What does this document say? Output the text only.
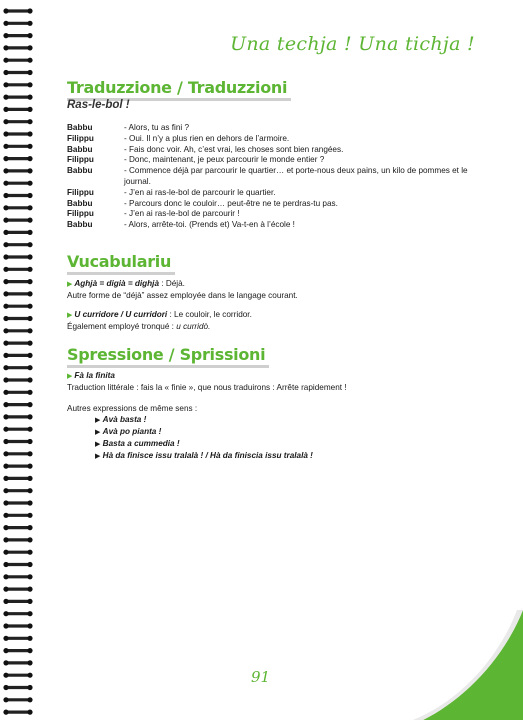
Una techja ! Una tichja !
Traduzzione / Traduzzioni
Ras-le-bol !
Babbu	- Alors, tu as fini ?
Filippu	- Oui. Il n’y a plus rien en dehors de l’armoire.
Babbu	- Fais donc voir. Ah, c’est vrai, les choses sont bien rangées.
Filippu	- Donc, maintenant, je peux parcourir le monde entier ?
Babbu	- Commence déjà par parcourir le quartier… et porte-nous deux pains, un kilo de pommes et le journal.
Filippu	- J’en ai ras-le-bol de parcourir le quartier.
Babbu	- Parcours donc le couloir… peut-être ne te perdras-tu pas.
Filippu	- J’en ai ras-le-bol de parcourir !
Babbu	- Alors, arrête-toi. (Prends et) Va-t-en à l’école !
Vucabulariu
▶ Aghjà = digià = dighjà : Déjà.
Autre forme de “déjà” assez employée dans le langage courant.
▶ U curridore / U curridori : Le couloir, le corridor.
Également employé tronqué : u curridò.
Spressione / Sprissioni
▶ Fà la finita
Traduction littérale : fais la « finie », que nous traduirons : Arrête rapidement !
Autres expressions de même sens :
▶ Avà basta !
▶ Avà po pianta !
▶ Basta a cummedia !
▶ Hà da finisce issu tralalà ! / Hà da finiscia issu tralalà !
91
